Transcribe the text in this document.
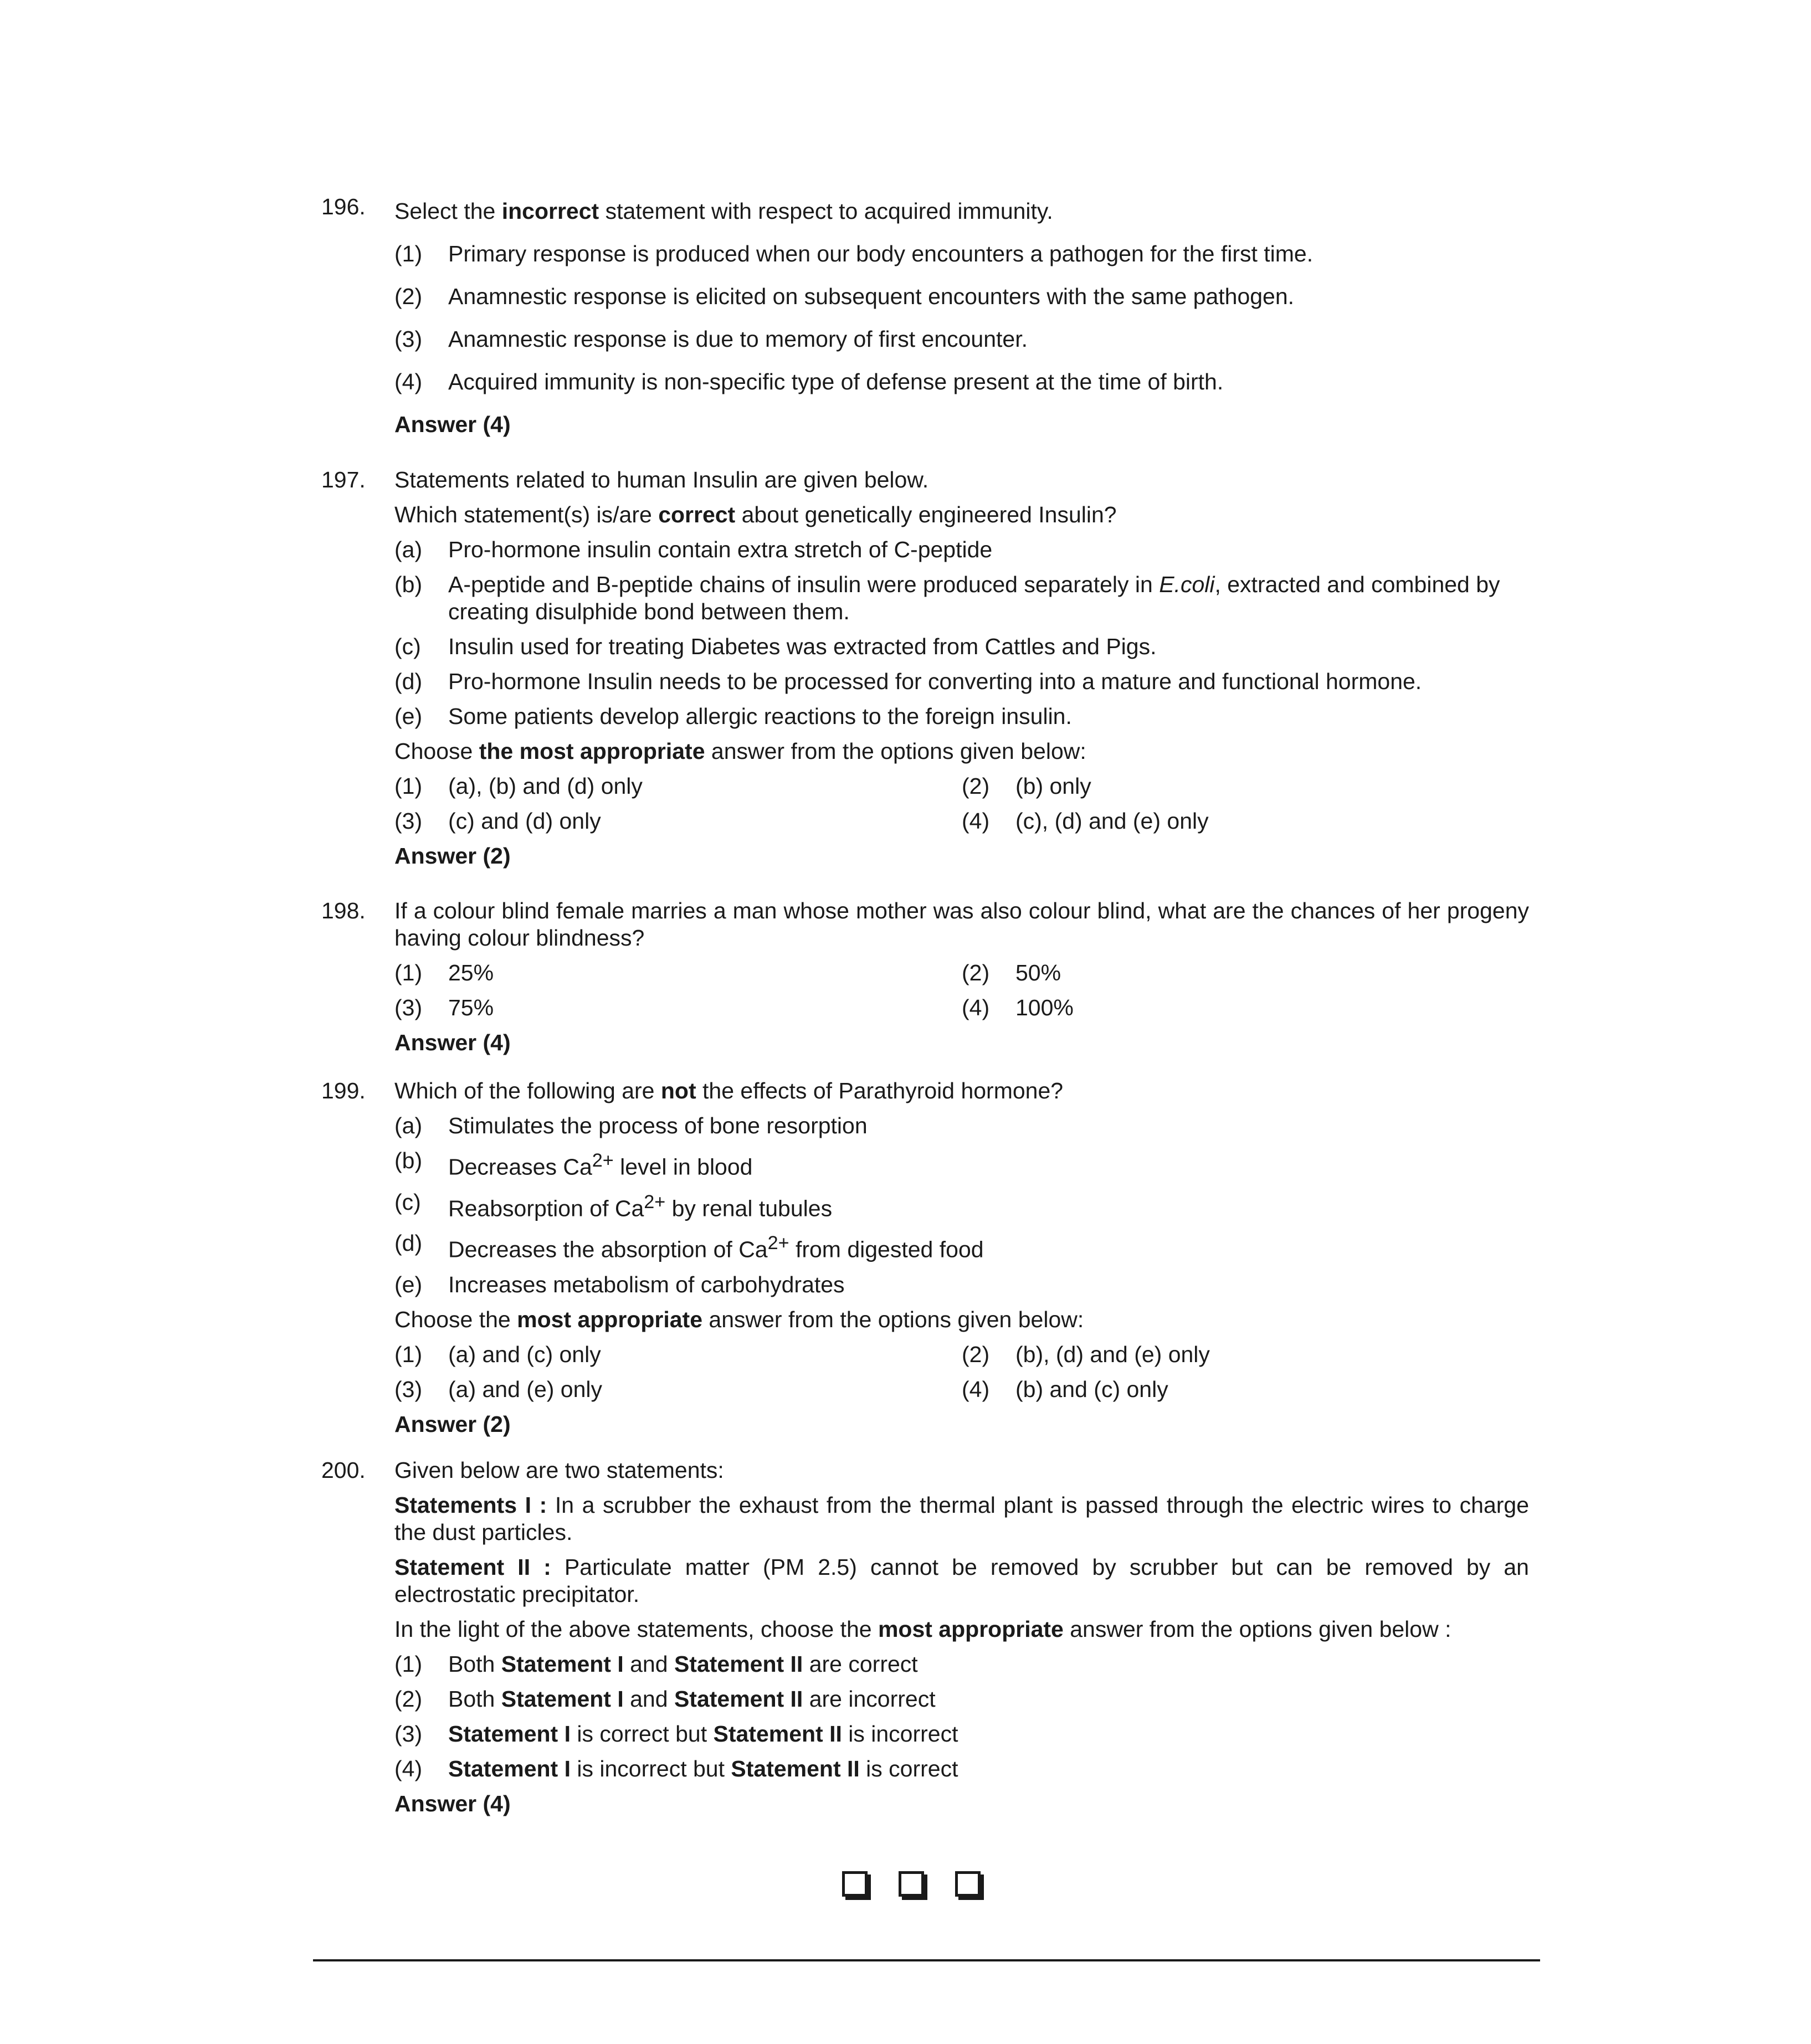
196. Select the incorrect statement with respect to acquired immunity.
(1)	Primary response is produced when our body encounters a pathogen for the first time.
(2)	Anamnestic response is elicited on subsequent encounters with the same pathogen.
(3)	Anamnestic response is due to memory of first encounter.
(4)	Acquired immunity is non-specific type of defense present at the time of birth.
Answer (4)
197. Statements related to human Insulin are given below.
Which statement(s) is/are correct about genetically engineered Insulin?
(a)	Pro-hormone insulin contain extra stretch of C-peptide
(b)	A-peptide and B-peptide chains of insulin were produced separately in E.coli, extracted and combined by creating disulphide bond between them.
(c)	Insulin used for treating Diabetes was extracted from Cattles and Pigs.
(d)	Pro-hormone Insulin needs to be processed for converting into a mature and functional hormone.
(e)	Some patients develop allergic reactions to the foreign insulin.
Choose the most appropriate answer from the options given below:
(1)	(a), (b) and (d) only	(2)	(b) only
(3)	(c) and (d) only	(4)	(c), (d) and (e) only
Answer (2)
198. If a colour blind female marries a man whose mother was also colour blind, what are the chances of her progeny having colour blindness?
(1)	25%	(2)	50%
(3)	75%	(4)	100%
Answer (4)
199. Which of the following are not the effects of Parathyroid hormone?
(a)	Stimulates the process of bone resorption
(b)	Decreases $Ca^{2+}$ level in blood
(c)	Reabsorption of $Ca^{2+}$ by renal tubules
(d)	Decreases the absorption of $Ca^{2+}$ from digested food
(e)	Increases metabolism of carbohydrates
Choose the most appropriate answer from the options given below:
(1)	(a) and (c) only	(2)	(b), (d) and (e) only
(3)	(a) and (e) only	(4)	(b) and (c) only
Answer (2)
200. Given below are two statements:
Statements I : In a scrubber the exhaust from the thermal plant is passed through the electric wires to charge the dust particles.
Statement II : Particulate matter (PM 2.5) cannot be removed by scrubber but can be removed by an electrostatic precipitator.
In the light of the above statements, choose the most appropriate answer from the options given below :
(1)	Both Statement I and Statement II are correct
(2)	Both Statement I and Statement II are incorrect
(3)	Statement I is correct but Statement II is incorrect
(4)	Statement I is incorrect but Statement II is correct
Answer (4)
